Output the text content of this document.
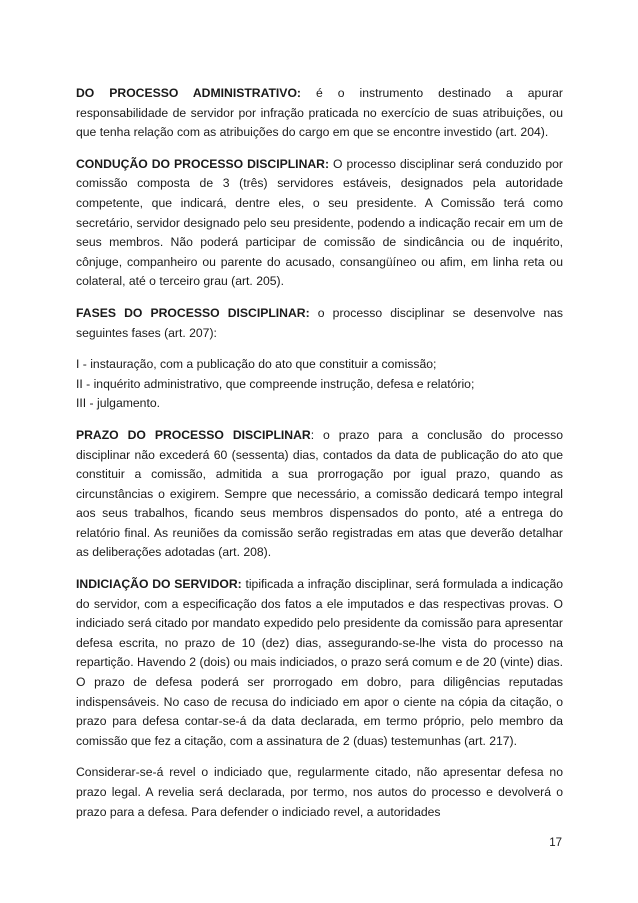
DO PROCESSO ADMINISTRATIVO: é o instrumento destinado a apurar responsabilidade de servidor por infração praticada no exercício de suas atribuições, ou que tenha relação com as atribuições do cargo em que se encontre investido (art. 204).

CONDUÇÃO DO PROCESSO DISCIPLINAR: O processo disciplinar será conduzido por comissão composta de 3 (três) servidores estáveis, designados pela autoridade competente, que indicará, dentre eles, o seu presidente. A Comissão terá como secretário, servidor designado pelo seu presidente, podendo a indicação recair em um de seus membros. Não poderá participar de comissão de sindicância ou de inquérito, cônjuge, companheiro ou parente do acusado, consangüíneo ou afim, em linha reta ou colateral, até o terceiro grau (art. 205).

FASES DO PROCESSO DISCIPLINAR: o processo disciplinar se desenvolve nas seguintes fases (art. 207):

I - instauração, com a publicação do ato que constituir a comissão;
II - inquérito administrativo, que compreende instrução, defesa e relatório;
III - julgamento.

PRAZO DO PROCESSO DISCIPLINAR: o prazo para a conclusão do processo disciplinar não excederá 60 (sessenta) dias, contados da data de publicação do ato que constituir a comissão, admitida a sua prorrogação por igual prazo, quando as circunstâncias o exigirem. Sempre que necessário, a comissão dedicará tempo integral aos seus trabalhos, ficando seus membros dispensados do ponto, até a entrega do relatório final. As reuniões da comissão serão registradas em atas que deverão detalhar as deliberações adotadas (art. 208).

INDICIAÇÃO DO SERVIDOR: tipificada a infração disciplinar, será formulada a indicação do servidor, com a especificação dos fatos a ele imputados e das respectivas provas. O indiciado será citado por mandato expedido pelo presidente da comissão para apresentar defesa escrita, no prazo de 10 (dez) dias, assegurando-se-lhe vista do processo na repartição. Havendo 2 (dois) ou mais indiciados, o prazo será comum e de 20 (vinte) dias. O prazo de defesa poderá ser prorrogado em dobro, para diligências reputadas indispensáveis. No caso de recusa do indiciado em apor o ciente na cópia da citação, o prazo para defesa contar-se-á da data declarada, em termo próprio, pelo membro da comissão que fez a citação, com a assinatura de 2 (duas) testemunhas (art. 217).

Considerar-se-á revel o indiciado que, regularmente citado, não apresentar defesa no prazo legal. A revelia será declarada, por termo, nos autos do processo e devolverá o prazo para a defesa. Para defender o indiciado revel, a autoridades

17
